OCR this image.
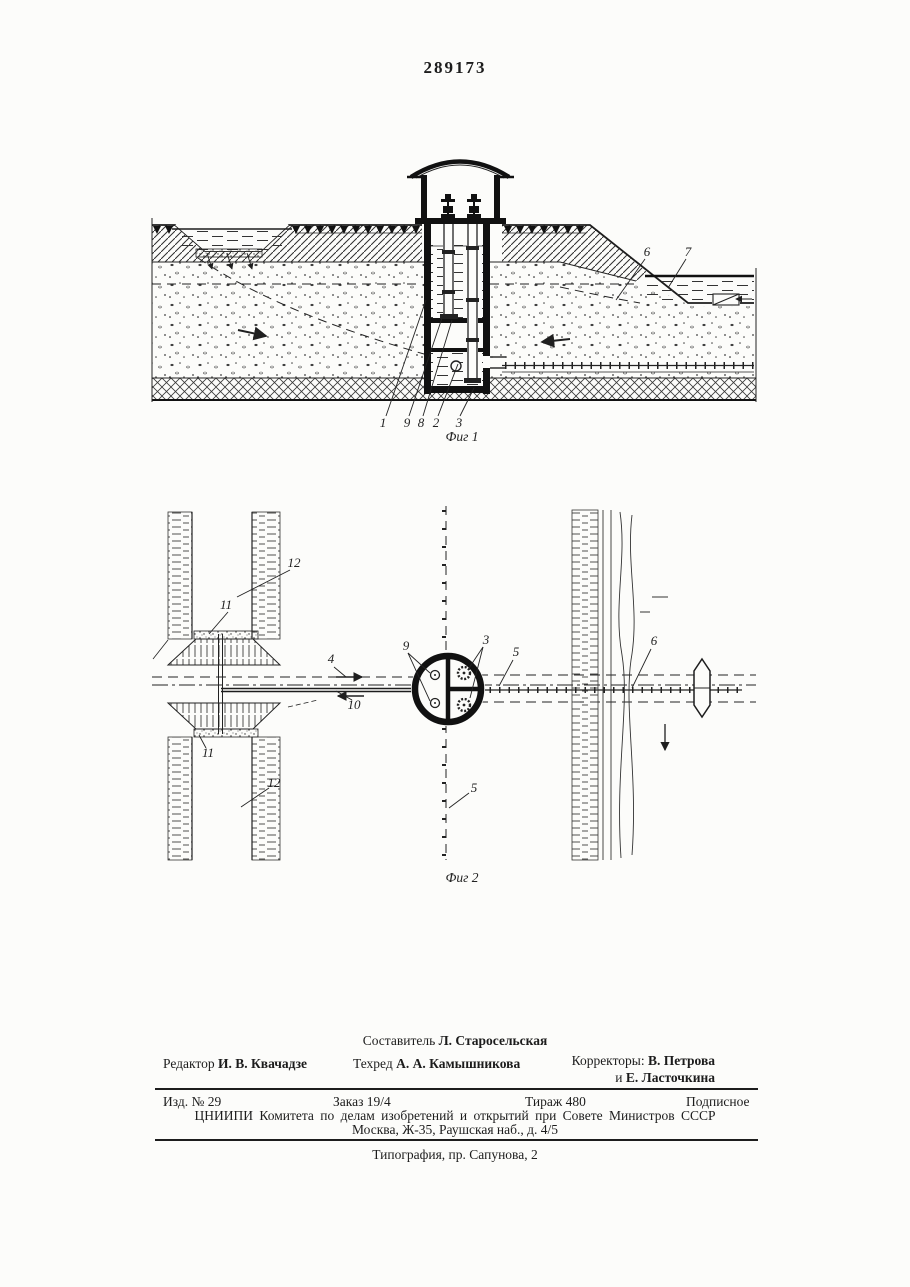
289173
1 9 8 2 3
6	7
Фиг 1
12
11
9	3
4	5
10
11
12	5
6
Фиг 2
Составитель Л. Старосельская
Редактор И. В. Квачадзе	Техред А. А. Камышникова	Корректоры: В. Петрова
и Е. Ласточкина
Изд. № 29	Заказ 19/4	Тираж 480	Подписное
ЦНИИПИ Комитета по делам изобретений и открытий при Совете Министров СССР
Москва, Ж-35, Раушская наб., д. 4/5
Типография, пр. Сапунова, 2
